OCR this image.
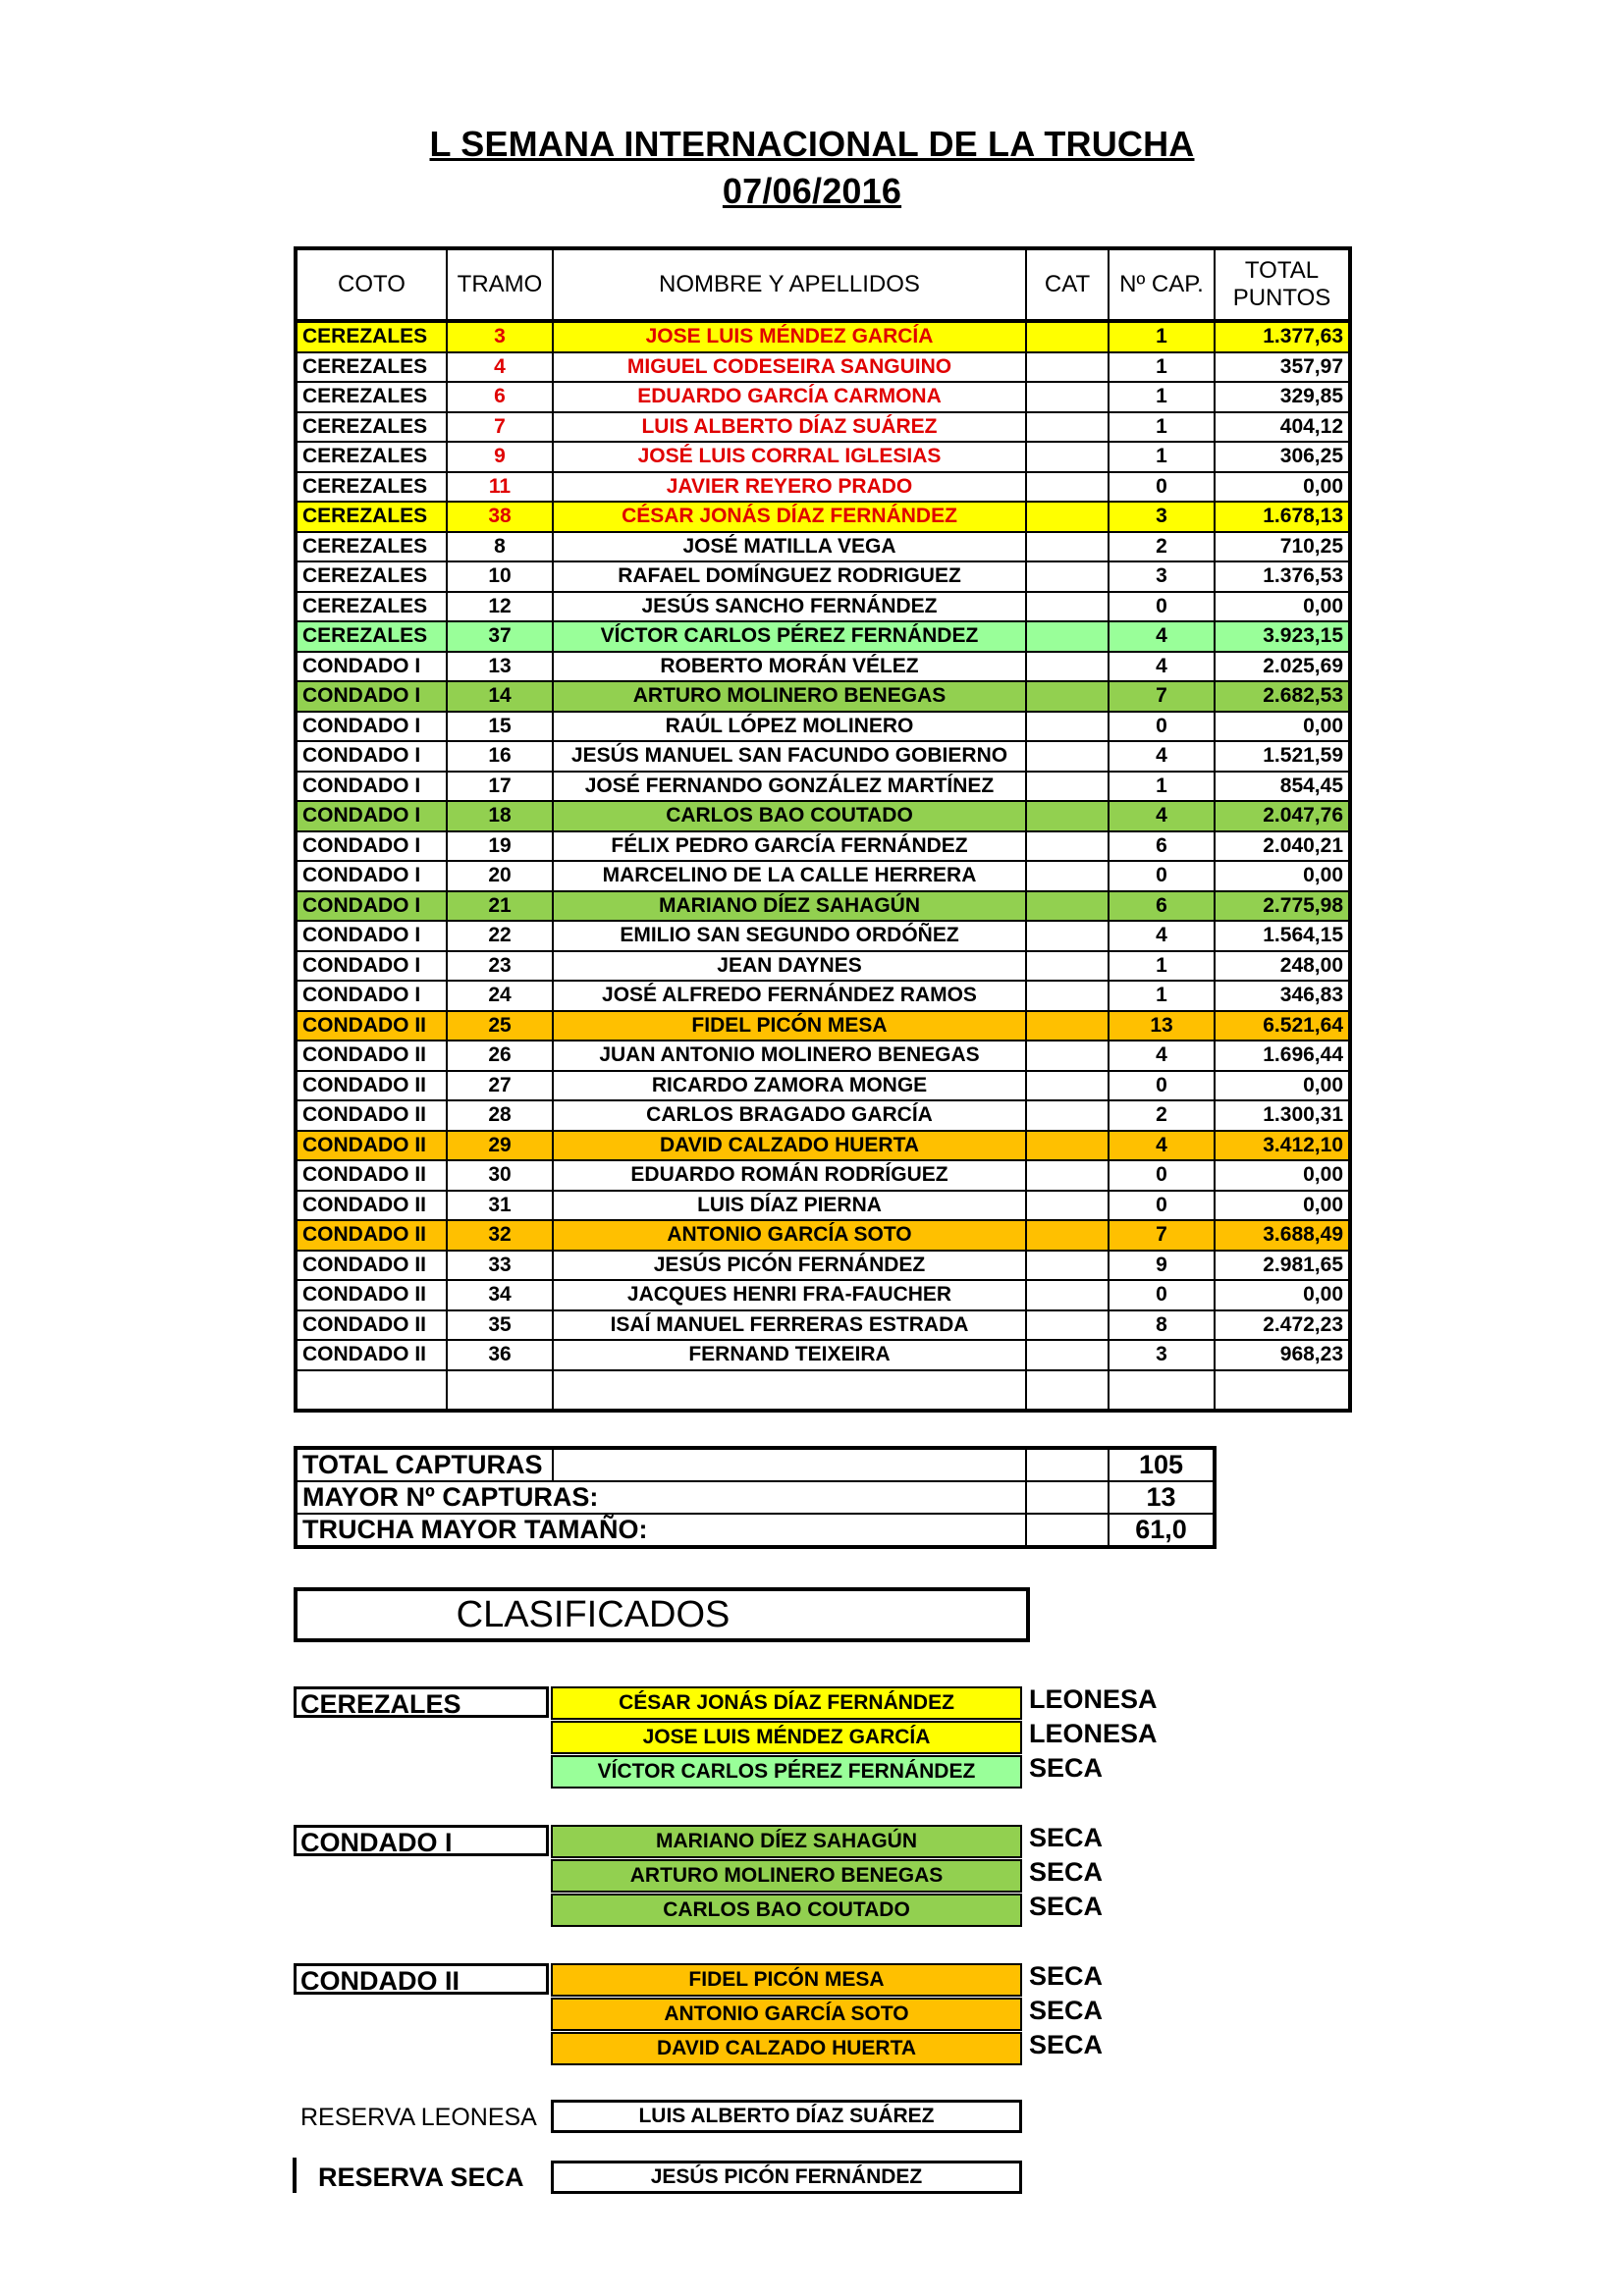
L SEMANA INTERNACIONAL DE LA TRUCHA
07/06/2016
COTO	TRAMO	NOMBRE Y APELLIDOS	CAT	Nº CAP.	TOTAL
PUNTOS
CEREZALES	3	JOSE LUIS MÉNDEZ GARCÍA		1	1.377,63
CEREZALES	4	MIGUEL CODESEIRA SANGUINO		1	357,97
CEREZALES	6	EDUARDO GARCÍA CARMONA		1	329,85
CEREZALES	7	LUIS ALBERTO DÍAZ SUÁREZ		1	404,12
CEREZALES	9	JOSÉ LUIS CORRAL IGLESIAS		1	306,25
CEREZALES	11	JAVIER REYERO PRADO		0	0,00
CEREZALES	38	CÉSAR JONÁS DÍAZ FERNÁNDEZ		3	1.678,13
CEREZALES	8	JOSÉ MATILLA VEGA		2	710,25
CEREZALES	10	RAFAEL DOMÍNGUEZ RODRIGUEZ		3	1.376,53
CEREZALES	12	JESÚS SANCHO FERNÁNDEZ		0	0,00
CEREZALES	37	VÍCTOR CARLOS PÉREZ FERNÁNDEZ		4	3.923,15
CONDADO I	13	ROBERTO MORÁN VÉLEZ		4	2.025,69
CONDADO I	14	ARTURO MOLINERO BENEGAS		7	2.682,53
CONDADO I	15	RAÚL LÓPEZ MOLINERO		0	0,00
CONDADO I	16	JESÚS MANUEL SAN FACUNDO GOBIERNO		4	1.521,59
CONDADO I	17	JOSÉ FERNANDO GONZÁLEZ MARTÍNEZ		1	854,45
CONDADO I	18	CARLOS BAO COUTADO		4	2.047,76
CONDADO I	19	FÉLIX PEDRO GARCÍA FERNÁNDEZ		6	2.040,21
CONDADO I	20	MARCELINO DE LA CALLE HERRERA		0	0,00
CONDADO I	21	MARIANO DÍEZ SAHAGÚN		6	2.775,98
CONDADO I	22	EMILIO SAN SEGUNDO ORDÓÑEZ		4	1.564,15
CONDADO I	23	JEAN DAYNES		1	248,00
CONDADO I	24	JOSÉ ALFREDO FERNÁNDEZ RAMOS		1	346,83
CONDADO II	25	FIDEL PICÓN MESA		13	6.521,64
CONDADO II	26	JUAN ANTONIO MOLINERO BENEGAS		4	1.696,44
CONDADO II	27	RICARDO ZAMORA MONGE		0	0,00
CONDADO II	28	CARLOS BRAGADO GARCÍA		2	1.300,31
CONDADO II	29	DAVID CALZADO HUERTA		4	3.412,10
CONDADO II	30	EDUARDO ROMÁN RODRÍGUEZ		0	0,00
CONDADO II	31	LUIS DÍAZ PIERNA		0	0,00
CONDADO II	32	ANTONIO GARCÍA SOTO		7	3.688,49
CONDADO II	33	JESÚS PICÓN FERNÁNDEZ		9	2.981,65
CONDADO II	34	JACQUES HENRI FRA-FAUCHER		0	0,00
CONDADO II	35	ISAÍ MANUEL FERRERAS ESTRADA		8	2.472,23
CONDADO II	36	FERNAND TEIXEIRA		3	968,23

TOTAL CAPTURAS			105
MAYOR Nº CAPTURAS:			13
TRUCHA MAYOR TAMAÑO:			61,0
CLASIFICADOS
CEREZALES	CÉSAR JONÁS DÍAZ FERNÁNDEZ	LEONESA
JOSE LUIS MÉNDEZ GARCÍA	LEONESA
VÍCTOR CARLOS PÉREZ FERNÁNDEZ	SECA
CONDADO I	MARIANO DÍEZ SAHAGÚN	SECA
ARTURO MOLINERO BENEGAS	SECA
CARLOS BAO COUTADO	SECA
CONDADO II	FIDEL PICÓN MESA	SECA
ANTONIO GARCÍA SOTO	SECA
DAVID CALZADO HUERTA	SECA
RESERVA LEONESA	LUIS ALBERTO DÍAZ SUÁREZ
RESERVA SECA	JESÚS PICÓN FERNÁNDEZ
